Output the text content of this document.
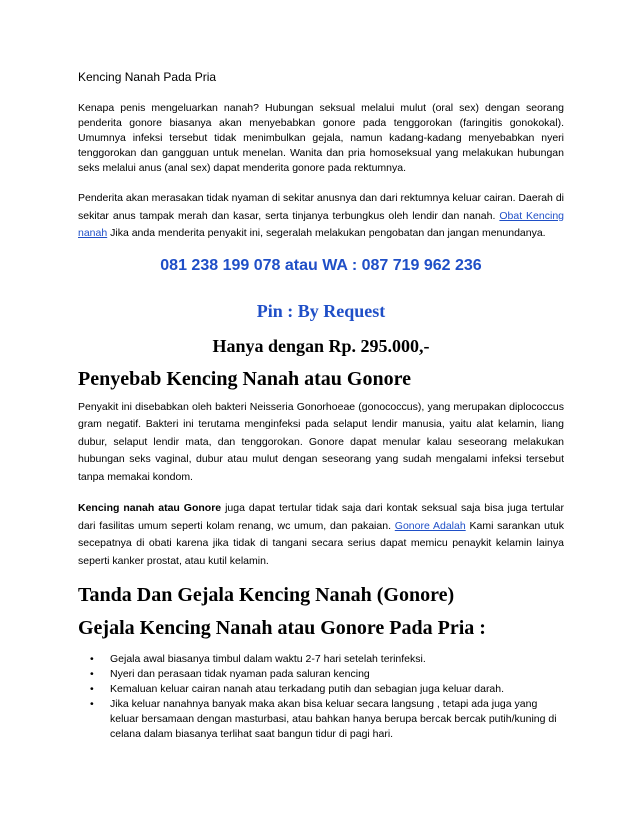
Kencing Nanah Pada Pria

Kenapa penis mengeluarkan nanah? Hubungan seksual melalui mulut (oral sex) dengan seorang penderita gonore biasanya akan menyebabkan gonore pada tenggorokan (faringitis gonokokal). Umumnya infeksi tersebut tidak menimbulkan gejala, namun kadang-kadang menyebabkan nyeri tenggorokan dan gangguan untuk menelan. Wanita dan pria homoseksual yang melakukan hubungan seks melalui anus (anal sex) dapat menderita gonore pada rektumnya.

Penderita akan merasakan tidak nyaman di sekitar anusnya dan dari rektumnya keluar cairan. Daerah di sekitar anus tampak merah dan kasar, serta tinjanya terbungkus oleh lendir dan nanah. Obat Kencing nanah Jika anda menderita penyakit ini, segeralah melakukan pengobatan dan jangan menundanya.

081 238 199 078 atau WA : 087 719 962 236

Pin : By Request

Hanya dengan Rp. 295.000,-

Penyebab Kencing Nanah atau Gonore

Penyakit ini disebabkan oleh bakteri Neisseria Gonorhoeae (gonococcus), yang merupakan diplococcus gram negatif. Bakteri ini terutama menginfeksi pada selaput lendir manusia, yaitu alat kelamin, liang dubur, selaput lendir mata, dan tenggorokan. Gonore dapat menular kalau seseorang melakukan hubungan seks vaginal, dubur atau mulut dengan seseorang yang sudah mengalami infeksi tersebut tanpa memakai kondom.

Kencing nanah atau Gonore juga dapat tertular tidak saja dari kontak seksual saja bisa juga tertular dari fasilitas umum seperti kolam renang, wc umum, dan pakaian. Gonore Adalah Kami sarankan utuk secepatnya di obati karena jika tidak di tangani secara serius dapat memicu penaykit kelamin lainya seperti kanker prostat, atau kutil kelamin.

Tanda Dan Gejala Kencing Nanah (Gonore)
Gejala Kencing Nanah atau Gonore Pada Pria :
• Gejala awal biasanya timbul dalam waktu 2-7 hari setelah terinfeksi.
• Nyeri dan perasaan tidak nyaman pada saluran kencing
• Kemaluan keluar cairan nanah atau terkadang putih dan sebagian juga keluar darah.
• Jika keluar nanahnya banyak maka akan bisa keluar secara langsung , tetapi ada juga yang keluar bersamaan dengan masturbasi, atau bahkan hanya berupa bercak bercak putih/kuning di celana dalam biasanya terlihat saat bangun tidur di pagi hari.
